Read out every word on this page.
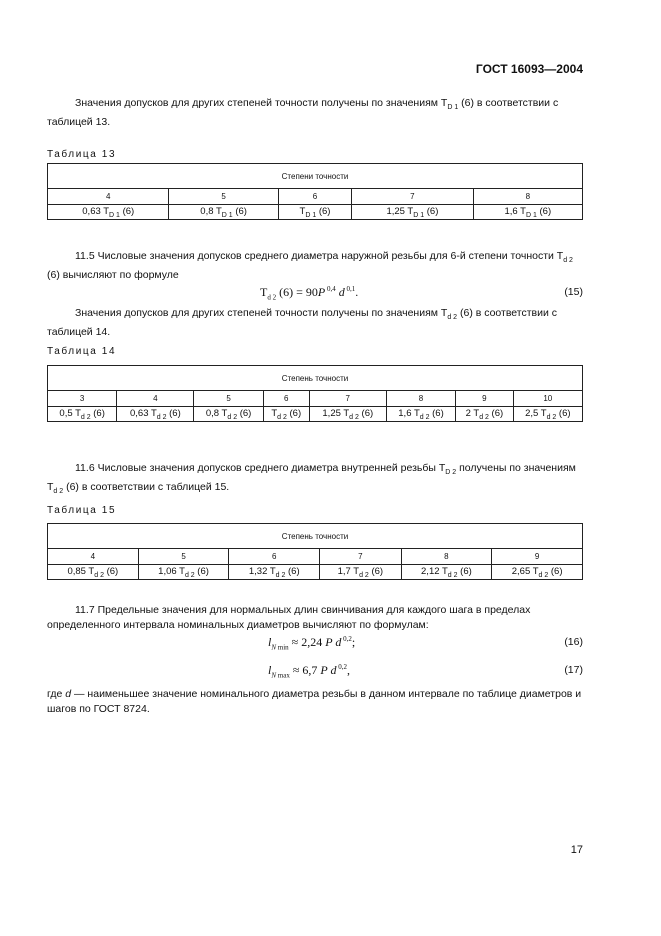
ГОСТ 16093—2004
Значения допусков для других степеней точности получены по значениям $T_{D 1}$ (6) в соответствии с таблицей 13.
Таблица 13
Степени точности				
4	5	6	7	8
0,63 $T_{D 1}$ (6)	0,8 $T_{D 1}$ (6)	$T_{D 1}$ (6)	1,25 $T_{D 1}$ (6)	1,6 $T_{D 1}$ (6)
11.5 Числовые значения допусков среднего диаметра наружной резьбы для 6-й степени точности $T_{d 2}$ (6) вычисляют по формуле
$T_{d 2}$ (6) = 90P $^{0,4}$ d $^{0,1}$.	(15)
Значения допусков для других степеней точности получены по значениям $T_{d 2}$ (6) в соответствии с таблицей 14.
Таблица 14
Степень точности							
3	4	5	6	7	8	9	10
0,5 $T_{d 2}$ (6)	0,63 $T_{d 2}$ (6)	0,8 $T_{d 2}$ (6)	$T_{d 2}$ (6)	1,25 $T_{d 2}$ (6)	1,6 $T_{d 2}$ (6)	2 $T_{d 2}$ (6)	2,5 $T_{d 2}$ (6)
11.6 Числовые значения допусков среднего диаметра внутренней резьбы $T_{D 2}$ получены по значениям $T_{d 2}$ (6) в соответствии с таблицей 15.
Таблица 15
Степень точности					
4	5	6	7	8	9
0,85 $T_{d 2}$ (6)	1,06 $T_{d 2}$ (6)	1,32 $T_{d 2}$ (6)	1,7 $T_{d 2}$ (6)	2,12 $T_{d 2}$ (6)	2,65 $T_{d 2}$ (6)
11.7 Предельные значения для нормальных длин свинчивания для каждого шага в пределах определенного интервала номинальных диаметров вычисляют по формулам:
$l_{N min} \approx 2,24$ P d $^{0,2}$;	(16)
$l_{N max} \approx 6,7$ P d $^{0,2}$,	(17)
где d — наименьшее значение номинального диаметра резьбы в данном интервале по таблице диаметров и шагов по ГОСТ 8724.
17
